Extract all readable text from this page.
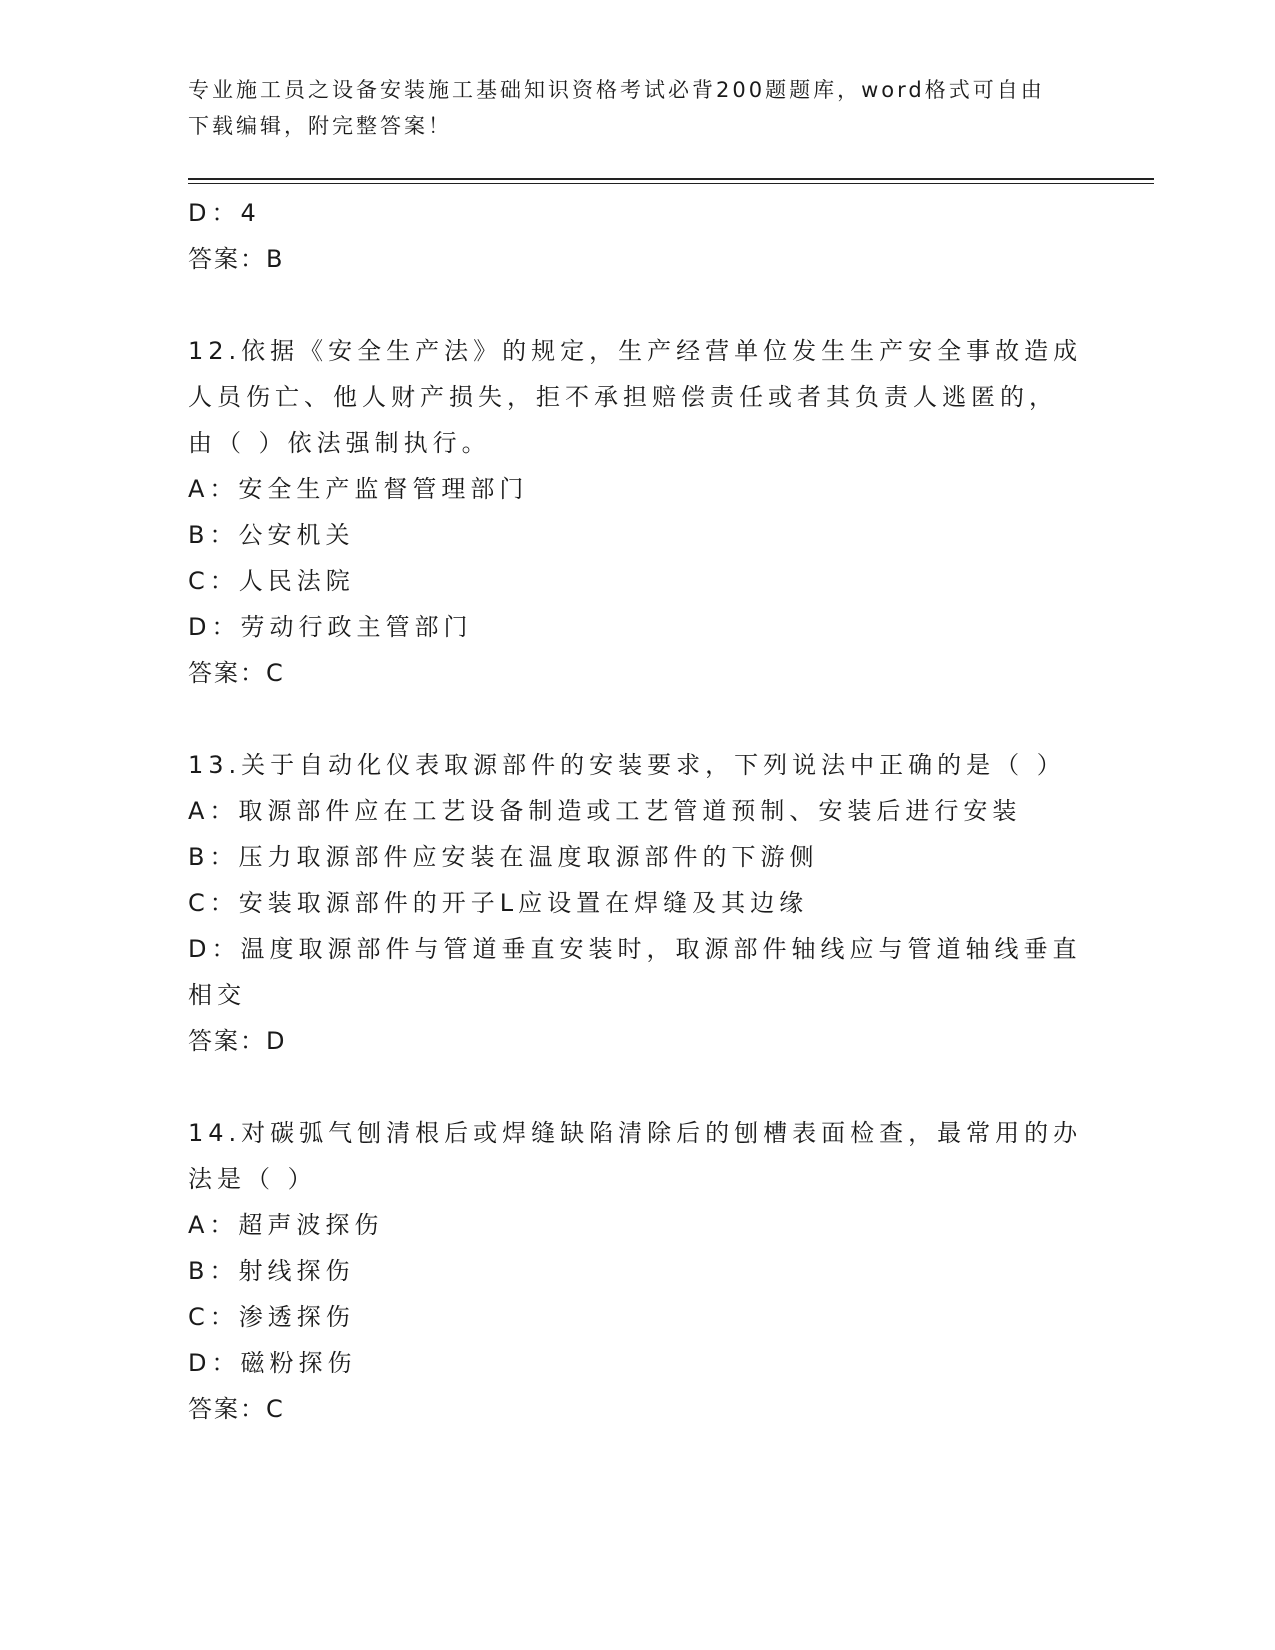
专业施工员之设备安装施工基础知识资格考试必背200题题库，word格式可自由
下载编辑，附完整答案！
D：4
答案：B
12.依据《安全生产法》的规定，生产经营单位发生生产安全事故造成
人员伤亡、他人财产损失，拒不承担赔偿责任或者其负责人逃匿的，
由（ ）依法强制执行。
A：安全生产监督管理部门
B：公安机关
C：人民法院
D：劳动行政主管部门
答案：C
13.关于自动化仪表取源部件的安装要求，下列说法中正确的是（ ）
A：取源部件应在工艺设备制造或工艺管道预制、安装后进行安装
B：压力取源部件应安装在温度取源部件的下游侧
C：安装取源部件的开子L应设置在焊缝及其边缘
D：温度取源部件与管道垂直安装时，取源部件轴线应与管道轴线垂直
相交
答案：D
14.对碳弧气刨清根后或焊缝缺陷清除后的刨槽表面检查，最常用的办
法是（ ）
A：超声波探伤
B：射线探伤
C：渗透探伤
D：磁粉探伤
答案：C
